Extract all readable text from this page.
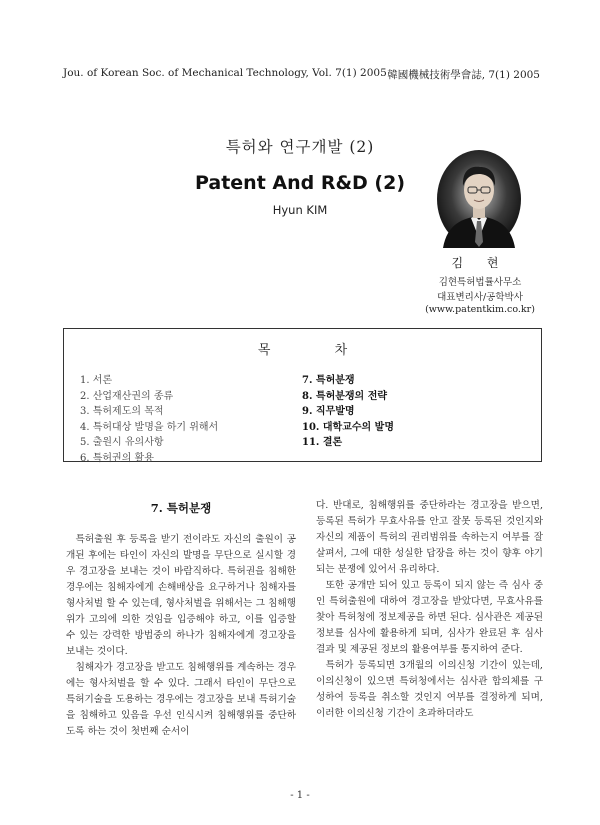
Jou. of Korean Soc. of Mechanical Technology, Vol. 7(1) 2005 韓國機械技術學會誌, 7(1) 2005
특허와 연구개발 (2)
Patent And R&D (2)
Hyun KIM
김 현
김현특허법률사무소
대표변리사/공학박사
(www.patentkim.co.kr)
목 차
1. 서론
2. 산업재산권의 종류
3. 특허제도의 목적
4. 특허대상 발명을 하기 위해서
5. 출원시 유의사항
6. 특허권의 활용
7. 특허분쟁
8. 특허분쟁의 전략
9. 직무발명
10. 대학교수의 발명
11. 결론
7. 특허분쟁

특허출원 후 등록을 받기 전이라도 자신의 출원이 공개된 후에는 타인이 자신의 발명을 무단으로 실시할 경우 경고장을 보내는 것이 바람직하다. 특허권을 침해한 경우에는 침해자에게 손해배상을 요구하거나 침해자를 형사처벌 할 수 있는데, 형사처벌을 위해서는 그 침해행위가 고의에 의한 것임을 입증해야 하고, 이를 입증할 수 있는 강력한 방법중의 하나가 침해자에게 경고장을 보내는 것이다.

침해자가 경고장을 받고도 침해행위를 계속하는 경우에는 형사처벌을 할 수 있다. 그래서 타인이 무단으로 특허기술을 도용하는 경우에는 경고장을 보내 특허기술을 침해하고 있음을 우선 인식시켜 침해행위를 중단하도록 하는 것이 첫번째 순서이

다. 반대로, 침해행위를 중단하라는 경고장을 받으면, 등록된 특허가 무효사유를 안고 잘못 등록된 것인지와 자신의 제품이 특허의 권리범위를 속하는지 여부를 잘 살펴서, 그에 대한 성실한 답장을 하는 것이 향후 야기되는 분쟁에 있어서 유리하다.

또한 공개만 되어 있고 등록이 되지 않는 즉 심사 중인 특허출원에 대하여 경고장을 받았다면, 무효사유를 찾아 특허청에 정보제공을 하면 된다. 심사관은 제공된 정보를 심사에 활용하게 되며, 심사가 완료된 후 심사결과 및 제공된 정보의 활용여부를 통지하여 준다.

특허가 등록되면 3개월의 이의신청 기간이 있는데, 이의신청이 있으면 특허청에서는 심사관 합의체를 구성하여 등록을 취소할 것인지 여부를 결정하게 되며, 이러한 이의신청 기간이 초과하더라도

- 1 -
